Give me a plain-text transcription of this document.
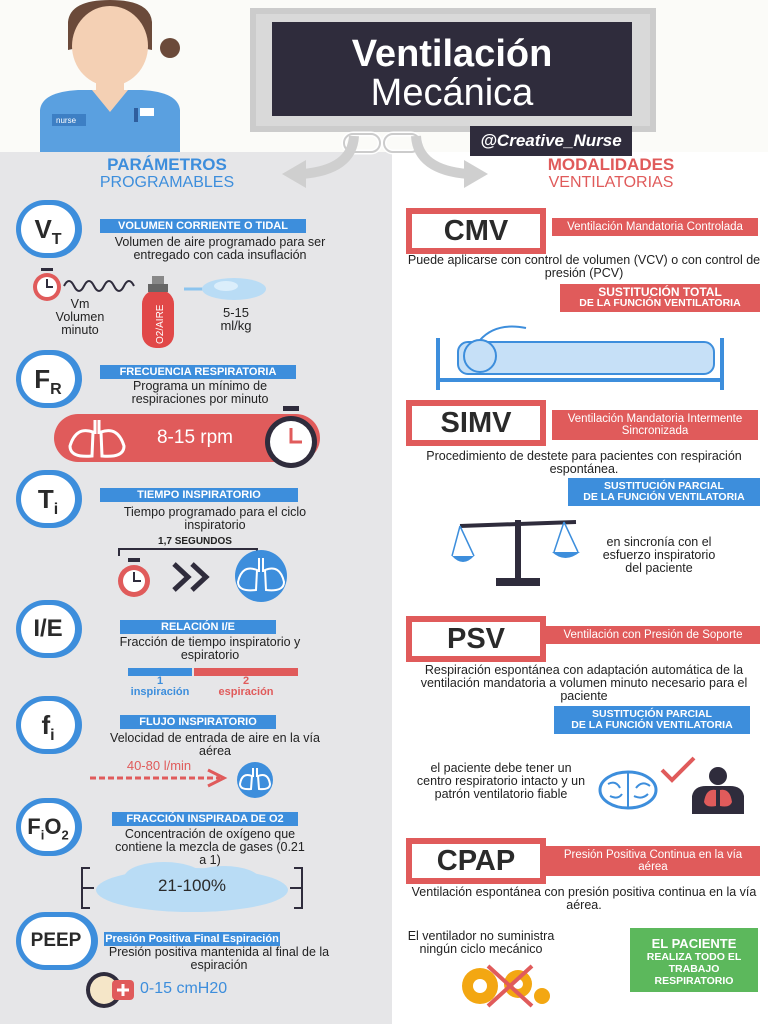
nurse
Ventilación
Mecánica
@Creative_Nurse
PARÁMETROS
PROGRAMABLES
MODALIDADES
VENTILATORIAS
$V_T$
VOLUMEN CORRIENTE O TIDAL
Volumen de aire programado para ser entregado con cada insuflación
Vm
Volumen
minuto	O2/AIRE	5-15
ml/kg
$F_R$
FRECUENCIA RESPIRATORIA
Programa un mínimo de respiraciones por minuto
8-15 rpm
$T_i$
TIEMPO INSPIRATORIO
Tiempo programado para el ciclo inspiratorio
1,7 SEGUNDOS
I/E	RELACIÓN I/E
Fracción de tiempo inspiratorio y espiratorio
1
inspiración
2
espiración
$f_i$
FLUJO INSPIRATORIO
Velocidad de entrada de aire en la vía aérea
40-80 l/min
$F_iO_2$
FRACCIÓN INSPIRADA DE O2
Concentración de oxígeno que contiene la mezcla de gases (0.21 a 1)
21-100%
PEEP	Presión Positiva Final Espiración
Presión positiva mantenida al final de la espiración
0-15 cmH20
CMV	Ventilación Mandatoria Controlada
Puede aplicarse con control de volumen (VCV) o con control de presión (PCV)
SUSTITUCIÓN TOTAL
DE LA FUNCIÓN VENTILATORIA
SIMV	Ventilación Mandatoria Intermente Sincronizada
Procedimiento de destete para pacientes con respiración espontánea.
SUSTITUCIÓN PARCIAL
DE LA FUNCIÓN VENTILATORIA
en sincronía con el esfuerzo inspiratorio del paciente
PSV	Ventilación con Presión de Soporte
Respiración espontánea con adaptación automática de la ventilación mandatoria a volumen minuto necesario para el paciente
SUSTITUCIÓN PARCIAL
DE LA FUNCIÓN VENTILATORIA
el paciente debe tener un centro respiratorio intacto y un patrón ventilatorio fiable
CPAP	Presión Positiva Continua en la vía aérea
Ventilación espontánea con presión positiva continua en la vía aérea.
El ventilador no suministra ningún ciclo mecánico	EL PACIENTE
REALIZA TODO EL TRABAJO RESPIRATORIO
